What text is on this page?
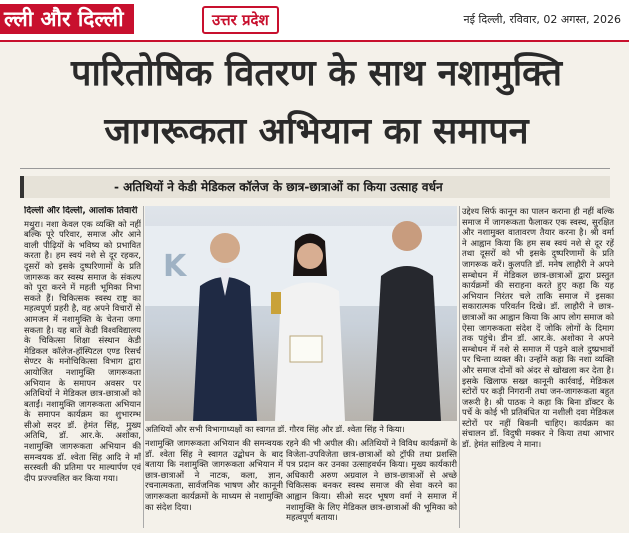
ल्ली और दिल्ली	उत्तर प्रदेश	नई दिल्ली, रविवार, 02 अगस्त, 2026
पारितोषिक वितरण के साथ नशामुक्ति
जागरूकता अभियान का समापन
- अतिथियों ने केडी मेडिकल कॉलेज के छात्र-छात्राओं का किया उत्साह वर्धन
दिल्ली और दिल्ली, आलोक तिवारी
मथुरा। नशा केवल एक व्यक्ति को नहीं बल्कि पूरे परिवार, समाज और आने वाली पीढ़ियों के भविष्य को प्रभावित करता है। हम स्वयं नशे से दूर रहकर, दूसरों को इसके दुष्परिणामों के प्रति जागरूक कर स्वस्थ समाज के संकल्प को पूरा करने में महती भूमिका निभा सकते हैं। चिकित्सक स्वस्थ राष्ट्र का महत्वपूर्ण प्रहरी है, वह अपने विचारों से आमजन में नशामुक्ति के चेतना जगा सकता है। यह बातें केडी विश्वविद्यालय के चिकित्सा शिक्षा संस्थान केडी मेडिकल कॉलेज-हॉस्पिटल एण्ड रिसर्च सेण्टर के मनोचिकित्सा विभाग द्वारा आयोजित नशामुक्ति जागरूकता अभियान के समापन अवसर पर अतिथियों ने मेडिकल छात्र-छात्राओं को बताईं। नशामुक्ति जागरूकता अभियान के समापन कार्यक्रम का शुभारम्भ सीओ सदर डॉ. हेमंत सिंह, मुख्य अतिथि, डॉ. आर.के. अशोका, नशामुक्ति जागरूकता अभियान की समन्वयक डॉ. श्वेता सिंह आदि ने माँ सरस्वती की प्रतिमा पर माल्यार्पण एवं दीप प्रज्ज्वलित कर किया गया।
K
अतिथियों और सभी विभागाध्यक्षों का स्वागत डॉ. गौरव सिंह और डॉ. श्वेता सिंह ने किया।
नशामुक्ति जागरूकता अभियान की समन्वयक डॉ. श्वेता सिंह ने स्वागत उद्बोधन के बाद बताया कि नशामुक्ति जागरूकता अभियान में छात्र-छात्राओं ने नाटक, कला, ज्ञान, रचनात्मकता, सार्वजनिक भाषण और कानूनी जागरूकता कार्यक्रमों के माध्यम से नशामुक्ति का संदेश दिया।
रहने की भी अपील की। अतिथियों ने विविध कार्यक्रमों के विजेता-उपविजेता छात्र-छात्राओं को ट्रॉफी तथा प्रशस्ति पत्र प्रदान कर उनका उत्साहवर्धन किया। मुख्य कार्यकारी अधिकारी अरुण अग्रवाल ने छात्र-छात्राओं से अच्छे चिकित्सक बनकर स्वस्थ समाज की सेवा करने का आह्वान किया। सीओ सदर भूषण वर्मा ने समाज में नशामुक्ति के लिए मेडिकल छात्र-छात्राओं की भूमिका को महत्वपूर्ण बताया।
उद्देश्य सिर्फ कानून का पालन कराना ही नहीं बल्कि समाज में जागरूकता फैलाकर एक स्वस्थ, सुरक्षित और नशामुक्त वातावरण तैयार करना है। श्री वर्मा ने आह्वान किया कि हम सब स्वयं नशे से दूर रहें तथा दूसरों को भी इसके दुष्परिणामों के प्रति जागरूक करें। कुलपति डॉ. मनेष लाहौरी ने अपने सम्बोधन में मेडिकल छात्र-छात्राओं द्वारा प्रस्तुत कार्यक्रमों की सराहना करते हुए कहा कि यह अभियान निरंतर चले ताकि समाज में इसका सकारात्मक परिवर्तन दिखे। डॉ. लाहौरी ने छात्र-छात्राओं का आह्वान किया कि आप लोग समाज को ऐसा जागरूकता संदेश दें जोकि लोगों के दिमाग तक पहुंचे। डीन डॉ. आर.के. अशोका ने अपने सम्बोधन में नशे से समाज में पड़ने वाले दुष्प्रभावों पर चिन्ता व्यक्त की। उन्होंने कहा कि नशा व्यक्ति और समाज दोनों को अंदर से खोखला कर देता है। इसके खिलाफ सख्त कानूनी कार्रवाई, मेडिकल स्टोरों पर कड़ी निगरानी तथा जन-जागरूकता बहुत जरूरी है। श्री पाठक ने कहा कि बिना डॉक्टर के पर्चे के कोई भी प्रतिबंधित या नशीली दवा मेडिकल स्टोरों पर नहीं बिकनी चाहिए। कार्यक्रम का संचालन डॉ. विदुषी मक्कर ने किया तथा आभार डॉ. हेमंत सांडिल्य ने माना।
